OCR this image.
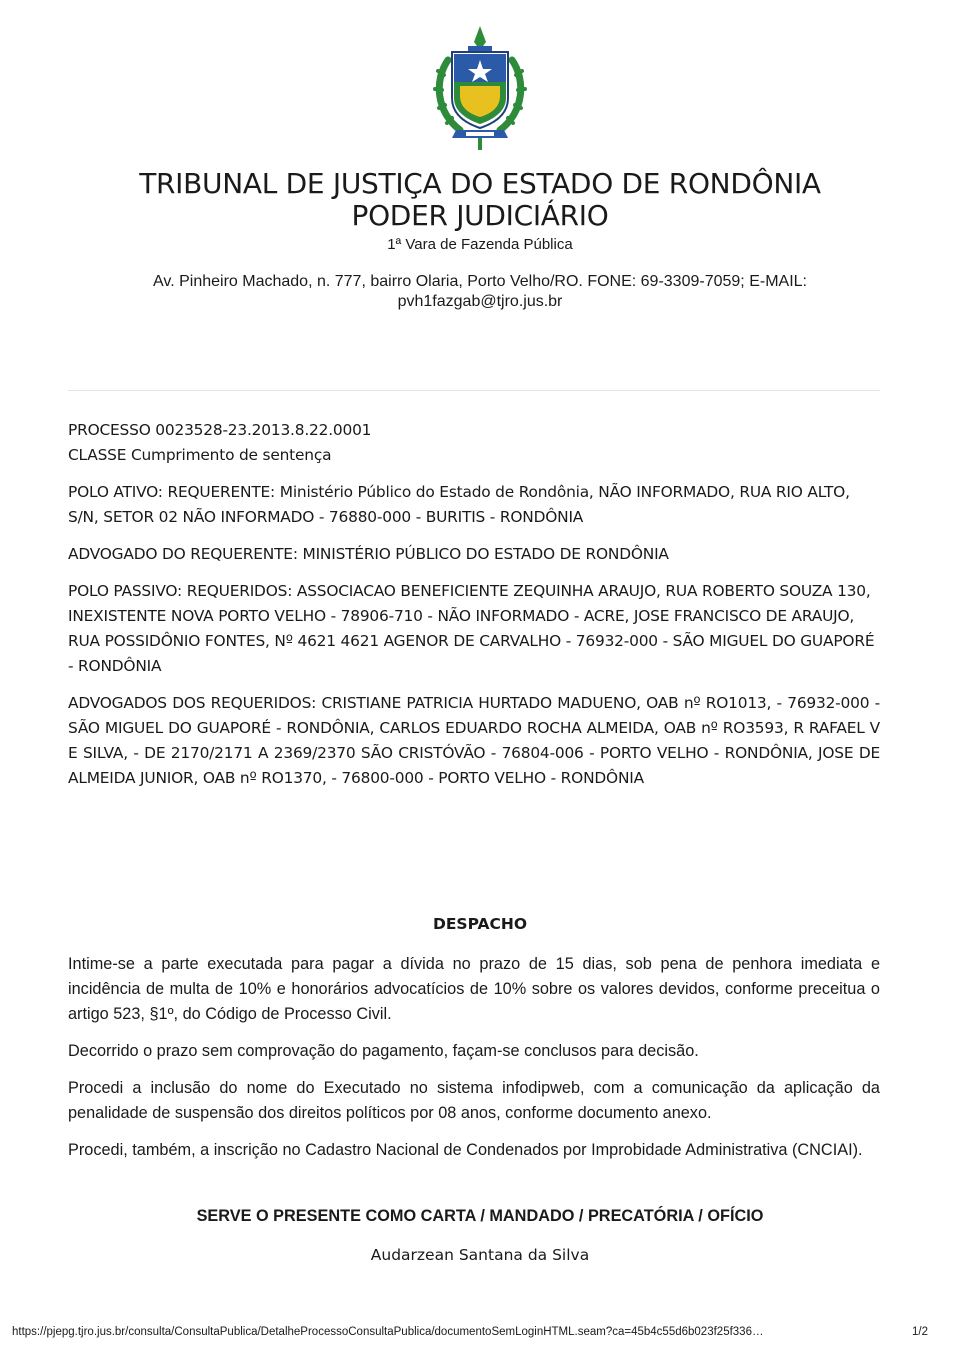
TRIBUNAL DE JUSTIÇA DO ESTADO DE RONDÔNIA
PODER JUDICIÁRIO
1ª Vara de Fazenda Pública
Av. Pinheiro Machado, n. 777, bairro Olaria, Porto Velho/RO. FONE: 69-3309-7059; E-MAIL:
pvh1fazgab@tjro.jus.br

PROCESSO 0023528-23.2013.8.22.0001

CLASSE Cumprimento de sentença

POLO ATIVO: REQUERENTE: Ministério Público do Estado de Rondônia, NÃO INFORMADO, RUA RIO ALTO, S/N, SETOR 02 NÃO INFORMADO - 76880-000 - BURITIS - RONDÔNIA

ADVOGADO DO REQUERENTE: MINISTÉRIO PÚBLICO DO ESTADO DE RONDÔNIA

POLO PASSIVO: REQUERIDOS: ASSOCIACAO BENEFICIENTE ZEQUINHA ARAUJO, RUA ROBERTO SOUZA 130, INEXISTENTE NOVA PORTO VELHO - 78906-710 - NÃO INFORMADO - ACRE, JOSE FRANCISCO DE ARAUJO, RUA POSSIDÔNIO FONTES, Nº 4621 4621 AGENOR DE CARVALHO - 76932-000 - SÃO MIGUEL DO GUAPORÉ - RONDÔNIA

ADVOGADOS DOS REQUERIDOS: CRISTIANE PATRICIA HURTADO MADUENO, OAB nº RO1013, - 76932-000 - SÃO MIGUEL DO GUAPORÉ - RONDÔNIA, CARLOS EDUARDO ROCHA ALMEIDA, OAB nº RO3593, R RAFAEL V E SILVA, - DE 2170/2171 A 2369/2370 SÃO CRISTÓVÃO - 76804-006 - PORTO VELHO - RONDÔNIA, JOSE DE ALMEIDA JUNIOR, OAB nº RO1370, - 76800-000 - PORTO VELHO - RONDÔNIA

DESPACHO

Intime-se a parte executada para pagar a dívida no prazo de 15 dias, sob pena de penhora imediata e incidência de multa de 10% e honorários advocatícios de 10% sobre os valores devidos, conforme preceitua o artigo 523, §1º, do Código de Processo Civil.

Decorrido o prazo sem comprovação do pagamento, façam-se conclusos para decisão.

Procedi a inclusão do nome do Executado no sistema infodipweb, com a comunicação da aplicação da penalidade de suspensão dos direitos políticos por 08 anos, conforme documento anexo.

Procedi, também, a inscrição no Cadastro Nacional de Condenados por Improbidade Administrativa (CNCIAI).

SERVE O PRESENTE COMO CARTA / MANDADO / PRECATÓRIA / OFÍCIO
Audarzean Santana da Silva
https://pjepg.tjro.jus.br/consulta/ConsultaPublica/DetalheProcessoConsultaPublica/documentoSemLoginHTML.seam?ca=45b4c55d6b023f25f336…	1/2
